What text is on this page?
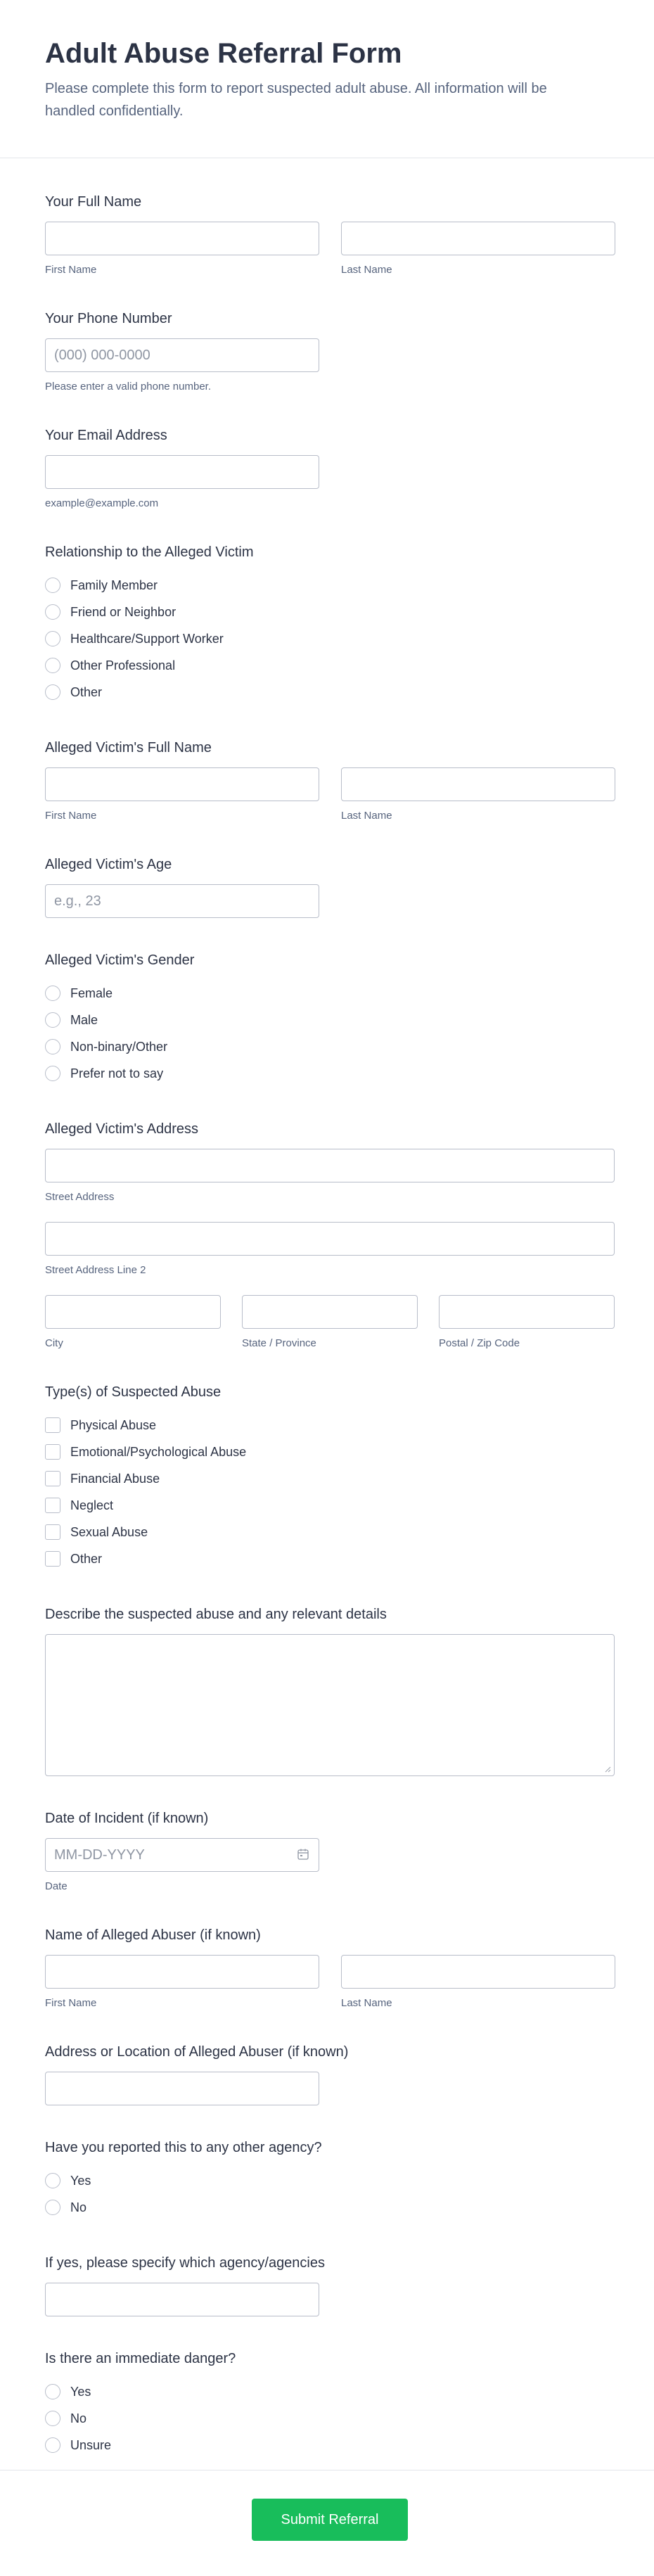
Adult Abuse Referral Form

Please complete this form to report suspected adult abuse. All information will be handled confidentially.

Your Full Name
First Name	Last Name
Your Phone Number
(000) 000-0000
Please enter a valid phone number.
Your Email Address
example@example.com
Relationship to the Alleged Victim
Family Member
Friend or Neighbor
Healthcare/Support Worker
Other Professional
Other
Alleged Victim's Full Name
First Name	Last Name
Alleged Victim's Age
e.g., 23
Alleged Victim's Gender
Female
Male
Non-binary/Other
Prefer not to say
Alleged Victim's Address
Street Address
Street Address Line 2
City	State / Province	Postal / Zip Code
Type(s) of Suspected Abuse
Physical Abuse
Emotional/Psychological Abuse
Financial Abuse
Neglect
Sexual Abuse
Other
Describe the suspected abuse and any relevant details
Date of Incident (if known)
MM-DD-YYYY
Date
Name of Alleged Abuser (if known)
First Name	Last Name
Address or Location of Alleged Abuser (if known)
Have you reported this to any other agency?
Yes
No
If yes, please specify which agency/agencies
Is there an immediate danger?
Yes
No
Unsure
Submit Referral
